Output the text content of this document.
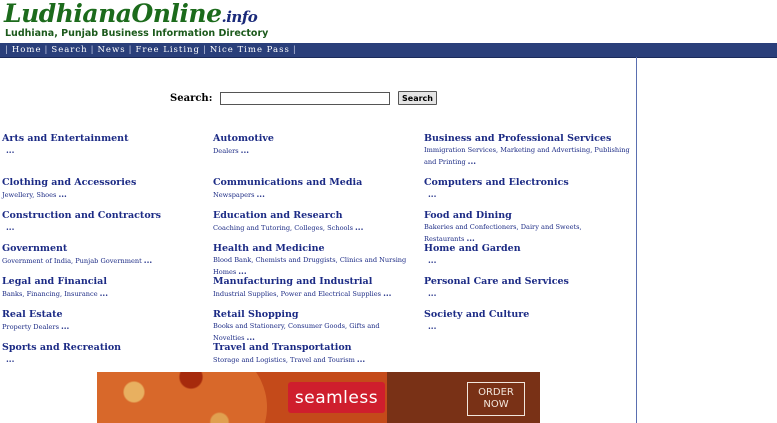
LudhianaOnline.info
Ludhiana, Punjab Business Information Directory
| Home | Search | News | Free Listing | Nice Time Pass |
Search:	Search
Arts and Entertainment
...
Automotive
Dealers ...
Business and Professional Services
Immigration Services, Marketing and Advertising, Publishing and Printing ...
Clothing and Accessories
Jewellery, Shoes ...
Communications and Media
Newspapers ...
Computers and Electronics
...
Construction and Contractors
...
Education and Research
Coaching and Tutoring, Colleges, Schools ...
Food and Dining
Bakeries and Confectioners, Dairy and Sweets, Restaurants ...
Government
Government of India, Punjab Government ...
Health and Medicine
Blood Bank, Chemists and Druggists, Clinics and Nursing Homes ...
Home and Garden
...
Legal and Financial
Banks, Financing, Insurance ...
Manufacturing and Industrial
Industrial Supplies, Power and Electrical Supplies ...
Personal Care and Services
...
Real Estate
Property Dealers ...
Retail Shopping
Books and Stationery, Consumer Goods, Gifts and Novelties ...
Society and Culture
...
Sports and Recreation
...
Travel and Transportation
Storage and Logistics, Travel and Tourism ...
seamless	ORDER
NOW
